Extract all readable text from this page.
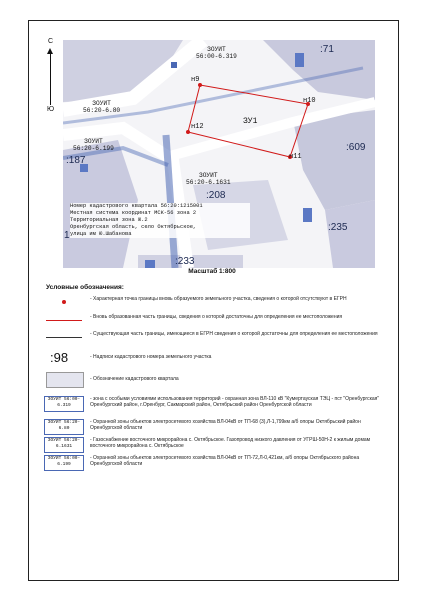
С
Ю
ЗОУИТ
56:00-6.319
ЗОУИТ
56:20-6.80
ЗОУИТ
56:20-6.199
ЗОУИТ
56:20-6.1631
:71
:187
:609
:208
:235
:233
1
ЗУ1
н9
н10
н11
н12
Номер кадастрового квартала 56:20:1215001
Местная система координат МСК-56 зона 2
Территориальная зона Ж.2
Оренбургская область, село Октябрьское,
улица им Ю.Шабанова
Масштаб 1:800
Условные обозначения:
- Характерная точка границы вновь образуемого земельного участка, сведения о которой отсутствуют в ЕГРН
- Вновь образованная часть границы, сведения о которой достаточны для определения ее местоположения
- Существующая часть границы, имеющиеся в ЕГРН сведения о которой достаточны для определения ее местоположения
:98	- Надписи кадастрового номера земельного участка
- Обозначение кадастрового квартала
ЗОУИТ 56:00-6.319
- зона с особыми условиями использования территорий - охранная зона ВЛ-110 кВ "Кумертауская ТЭЦ - пст "Оренбургская" Оренбургский район, г.Оренбург, Сакмарский район, Октябрьский район Оренбургской области
ЗОУИТ 56:20-6.80
- Охранной зоны объектов электросетевого хозяйства ВЛ-04кВ от ТП-68 (3),Л-1,799км а/б опоры Октябрьский район Оренбургской области
ЗОУИТ 56:20-6.1631
- Газоснабжение восточного микрорайона с. Октябрьское. Газопровод низкого давления от УГРШ-50Н-2 к жилым домам восточного микрорайона с. Октябрьское
ЗОУИТ 56:00-6.199
- Охранной зоны объектов электросетевого хозяйства ВЛ-04кВ от ТП-72,Л-0,421км, а/б опоры Октябрьского района Оренбургской области
